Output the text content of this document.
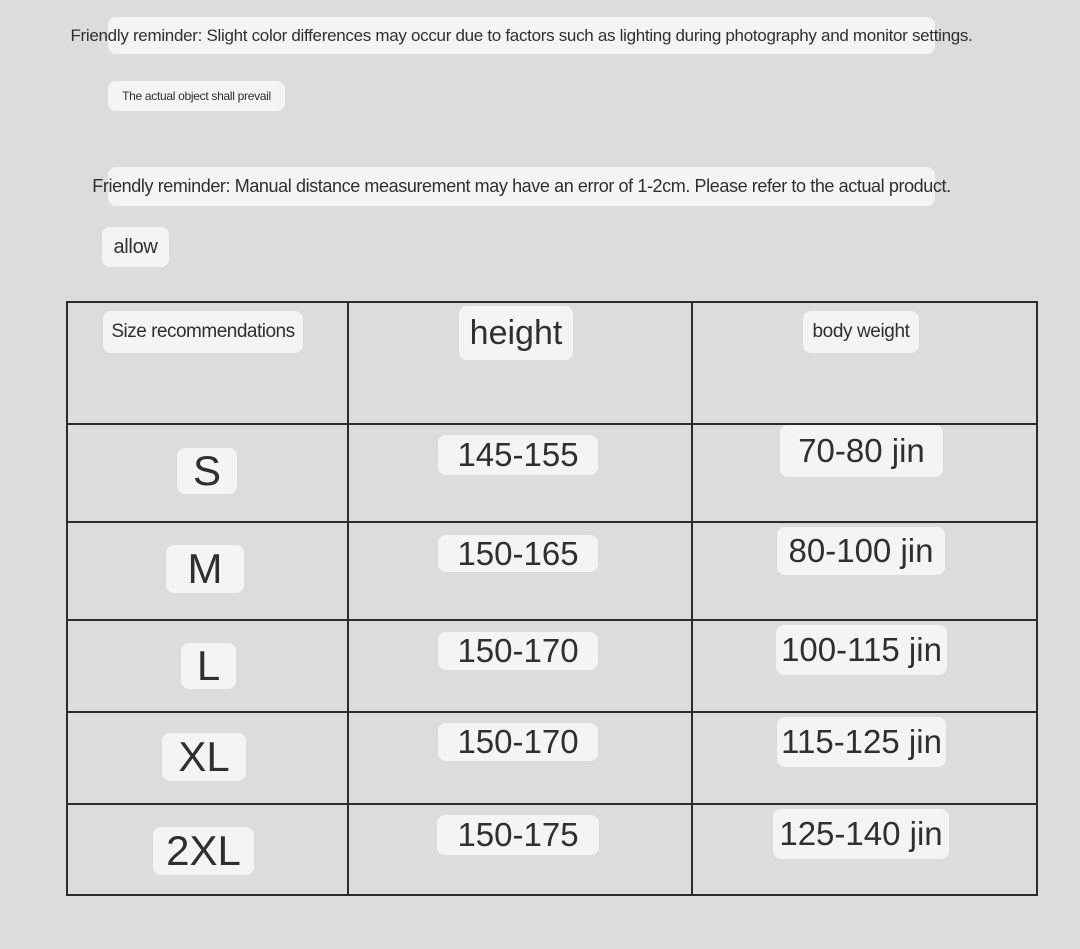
Friendly reminder: Slight color differences may occur due to factors such as lighting during photography and monitor settings.
The actual object shall prevail
Friendly reminder: Manual distance measurement may have an error of 1-2cm. Please refer to the actual product.
allow
Size recommendations	height	body weight
S	145-155	70-80 jin
M	150-165	80-100 jin
L	150-170	100-115 jin
XL	150-170	115-125 jin
2XL	150-175	125-140 jin
